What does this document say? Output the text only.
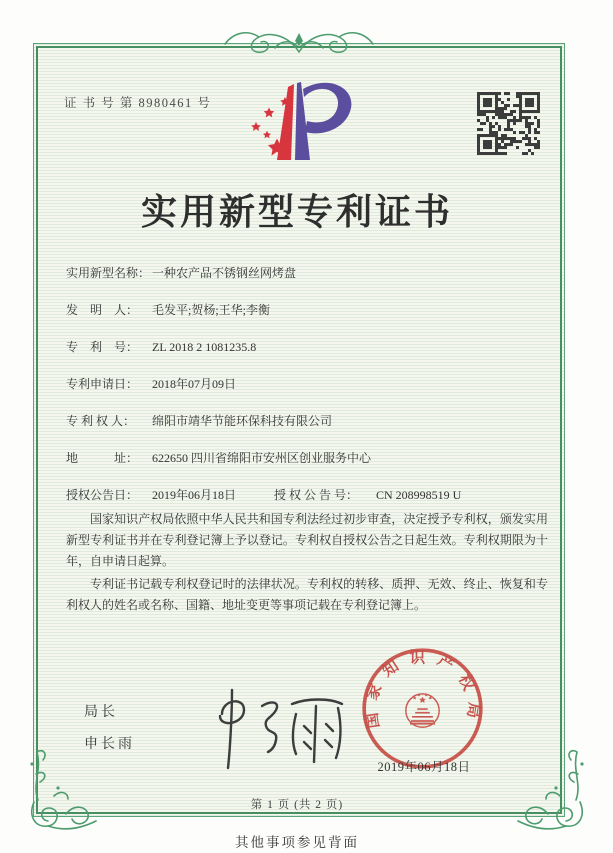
证 书 号 第 8980461 号
实用新型专利证书
实用新型名称： 一种农产品不锈钢丝网烤盘
发　明　人： 毛发平;贺杨;王华;李衡
专　利　号： ZL 2018 2 1081235.8
专利申请日： 2018年07月09日
专 利 权 人： 绵阳市靖华节能环保科技有限公司
地　　　址： 622650 四川省绵阳市安州区创业服务中心
授权公告日： 2019年06月18日	授 权 公 告 号： CN 208998519 U

国家知识产权局依照中华人民共和国专利法经过初步审查，决定授予专利权，颁发实用新型专利证书并在专利登记簿上予以登记。专利权自授权公告之日起生效。专利权期限为十年，自申请日起算。

专利证书记载专利权登记时的法律状况。专利权的转移、质押、无效、终止、恢复和专利权人的姓名或名称、国籍、地址变更等事项记载在专利登记簿上。

局长
申长雨
国家知识产权局
2019年06月18日
第 1 页 (共 2 页)
其他事项参见背面
